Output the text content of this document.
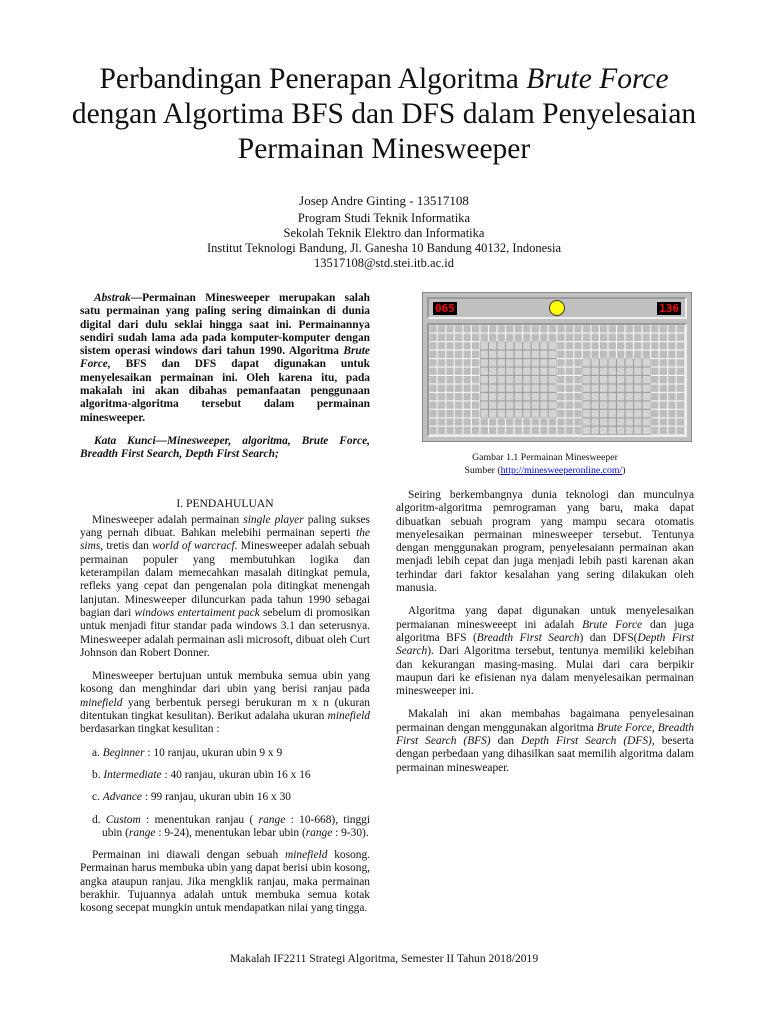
Perbandingan Penerapan Algoritma Brute Force
dengan Algortima BFS dan DFS dalam Penyelesaian
Permainan Minesweeper
Josep Andre Ginting - 13517108
Program Studi Teknik Informatika
Sekolah Teknik Elektro dan Informatika
Institut Teknologi Bandung, Jl. Ganesha 10 Bandung 40132, Indonesia
13517108@std.stei.itb.ac.id

Abstrak—Permainan Minesweeper merupakan salah satu permainan yang paling sering dimainkan di dunia digital dari dulu seklai hingga saat ini. Permainannya sendiri sudah lama ada pada komputer-komputer dengan sistem operasi windows dari tahun 1990. Algoritma Brute Force, BFS dan DFS dapat digunakan untuk menyelesaikan permainan ini. Oleh karena itu, pada makalah ini akan dibahas pemanfaatan penggunaan algoritma-algoritma tersebut dalam permainan minesweeper.

Kata Kunci—Minesweeper, algoritma, Brute Force, Breadth First Search, Depth First Search;

I. PENDAHULUAN

Minesweeper adalah permainan single player paling sukses yang pernah dibuat. Bahkan melebihi permainan seperti the sims, tretis dan world of warcracf. Minesweeper adalah sebuah permainan populer yang membutuhkan logika dan keterampilan dalam memecahkan masalah ditingkat pemula, refleks yang cepat dan pengenalan pola ditingkat menengah lanjutan. Minesweeper diluncurkan pada tahun 1990 sebagai bagian dari windows entertaiment pack sebelum di promosikan untuk menjadi fitur standar pada windows 3.1 dan seterusnya. Minesweeper adalah permainan asli microsoft, dibuat oleh Curt Johnson dan Robert Donner.

Minesweeper bertujuan untuk membuka semua ubin yang kosong dan menghindar dari ubin yang berisi ranjau pada minefield yang berbentuk persegi berukuran m x n (ukuran ditentukan tingkat kesulitan). Berikut adalaha ukuran minefield berdasarkan tingkat kesulitan :

a. Beginner : 10 ranjau, ukuran ubin 9 x 9

b. Intermediate : 40 ranjau, ukuran ubin 16 x 16

c. Advance : 99 ranjau, ukuran ubin 16 x 30

d. Custom : menentukan ranjau ( range : 10-668), tinggi ubin (range : 9-24), menentukan lebar ubin (range : 9-30).

Permainan ini diawali dengan sebuah minefield kosong. Permainan harus membuka ubin yang dapat berisi ubin kosong, angka ataupun ranjau. Jika mengklik ranjau, maka permainan berakhir. Tujuannya adalah untuk membuka semua kotak kosong secepat mungkin untuk mendapatkan nilai yang tingga.

065	136
Gambar 1.1 Permainan Minesweeper
Sumber (http://minesweeperonline.com/)

Seiring berkembangnya dunia teknologi dan munculnya algoritm-algoritma pemrograman yang baru, maka dapat dibuatkan sebuah program yang mampu secara otomatis menyelesaikan permainan minesweeper tersebut. Tentunya dengan menggunakan program, penyelesaiann permainan akan menjadi lebih cepat dan juga menjadi lebih pasti karenan akan terhindar dari faktor kesalahan yang sering dilakukan oleh manusia.

Algoritma yang dapat digunakan untuk menyelesaikan permaianan minesweeept ini adalah Brute Force dan juga algoritma BFS (Breadth First Search) dan DFS(Depth First Search). Dari Algoritma tersebut, tentunya memiliki kelebihan dan kekurangan masing-masing. Mulai dari cara berpikir maupun dari ke efisienan nya dalam menyelesaikan permainan minesweeper ini.

Makalah ini akan membahas bagaimana penyelesainan permainan dengan menggunakan algoritma Brute Force, Breadth First Search (BFS) dan Depth First Search (DFS), beserta dengan perbedaan yang dihasilkan saat memilih algoritma dalam permainan minesweaper.

Makalah IF2211 Strategi Algoritma, Semester II Tahun 2018/2019
